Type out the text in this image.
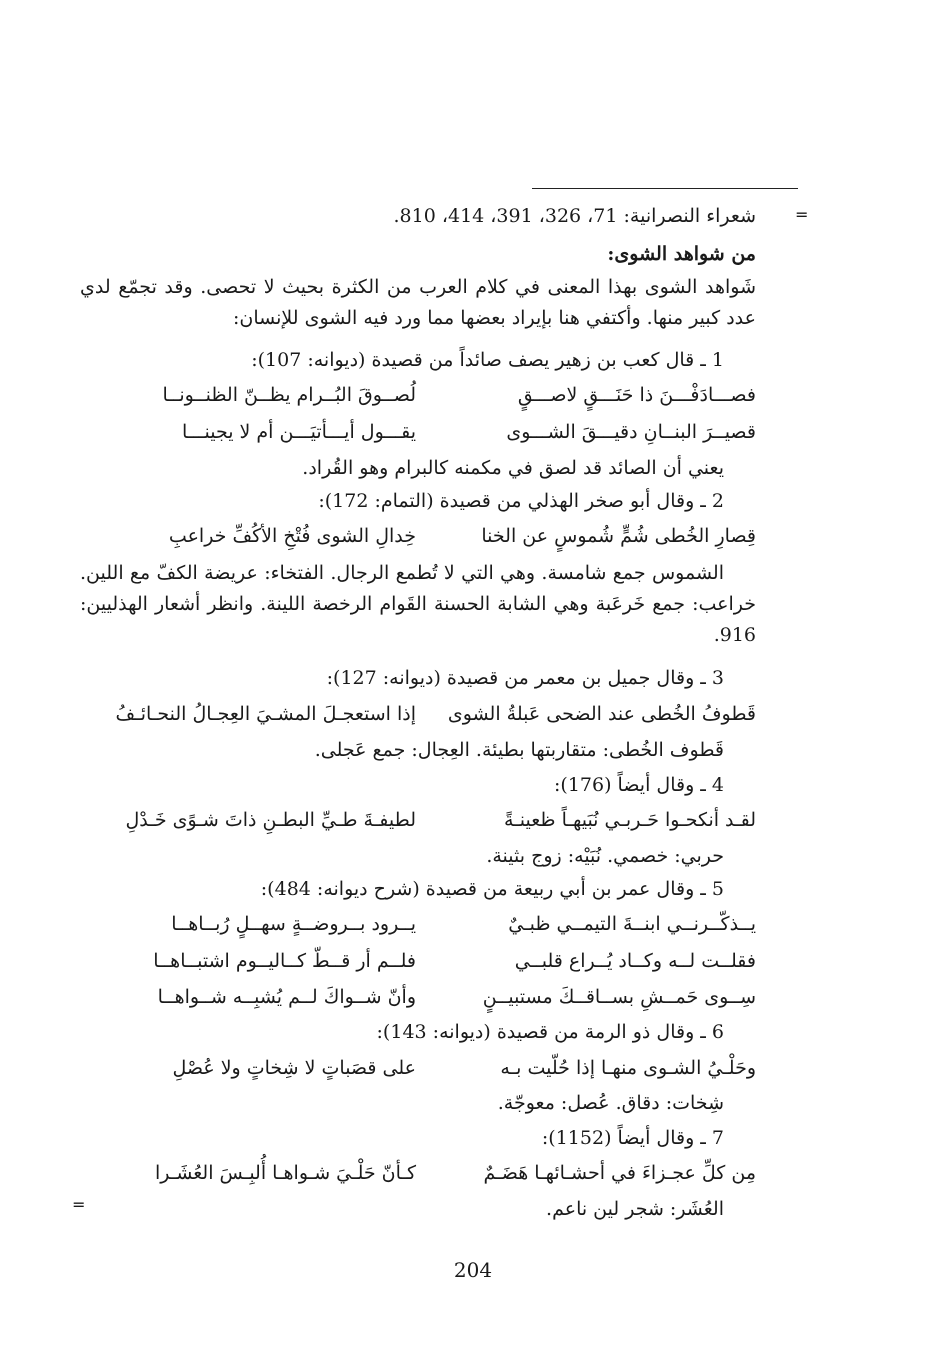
=
شعراء النصرانية: 71، 326، 391، 414، 810.
من شواهد الشوى:
شَواهد الشوى بهذا المعنى في كلام العرب من الكثرة بحيث لا تحصى. وقد تجمّع لدي عدد كبير منها. وأكتفي هنا بإيراد بعضها مما ورد فيه الشوى للإنسان:
1 ـ قال كعب بن زهير يصف صائداً من قصيدة (ديوانه: 107):
فصـــادَفْـــنَ ذا حَنَـــقٍ لاصـــقٍ
لُصــوقَ البُــرام يظــنّ الظنــونــا
قصيــرَ البنــانِ دقيـــقَ الشـــوى
يقـــول أيـــأتيَـــن أم لا يجينـــا
يعني أن الصائد قد لصق في مكمنه كالبرام وهو القُراد.
2 ـ وقال أبو صخر الهذلي من قصيدة (التمام: 172):
قِصارِ الخُطى شُمٍّ شُموسٍ عن الخنا
خِدالِ الشوى فُتْخِ الأكُفِّ خراعبِ
الشموس جمع شامسة. وهي التي لا تُطمع الرجال. الفتخاء: عريضة الكفّ مع اللين. خراعب: جمع خَرعَبة وهي الشابة الحسنة القَوام الرخصة اللينة. وانظر أشعار الهذليين: 916.
3 ـ وقال جميل بن معمر من قصيدة (ديوانه: 127):
قَطوفُ الخُطى عند الضحى عَبلةُ الشوى
إذا استعجـلَ المشـيَ العِجـالُ النحـائـفُ
قَطوف الخُطى: متقاربتها بطيئة. العِجال: جمع عَجلى.
4 ـ وقال أيضاً (176):
لقـد أنكحـوا حَـربـي نُبَيهـاً ظعينـةً
لطيفـةَ طـيِّ البطـنِ ذاتَ شـوًى خَـدْلِ
حربي: خصمي. نُبَيْه: زوج بثينة.
5 ـ وقال عمر بن أبي ربيعة من قصيدة (شرح ديوانه: 484):
يــذكّــرنــي ابنــةَ التيمــي ظبـيٌ
يــرود بــروضــةٍ سهــلٍ رُبــاهــا
فقلــت لــه وكــاد يُــراع قلبــي
فلــم أر قــطّ كــاليــوم اشتبــاهــا
سِــوى حَمــشِ بســاقــكَ مستبيــنٍ
وأنّ شــواكَ لــم يُشبِــه شــواهــا
6 ـ وقال ذو الرمة من قصيدة (ديوانه: 143):
وحَلْـيُ الشـوى منهـا إذا حُلّيت بـه
على قصَباتٍ لا شِخاتٍ ولا عُصْلِ
شِخات: دقاق. عُصل: معوجّة.
7 ـ وقال أيضاً (1152):
مِن كلِّ عجـزاءَ في أحشـائهـا هَضَـمٌ
كـأنّ حَلْـيَ شـواهـا أُلبِـسَ العُشَـرا
العُشَر: شجر لين ناعم.
=
204
